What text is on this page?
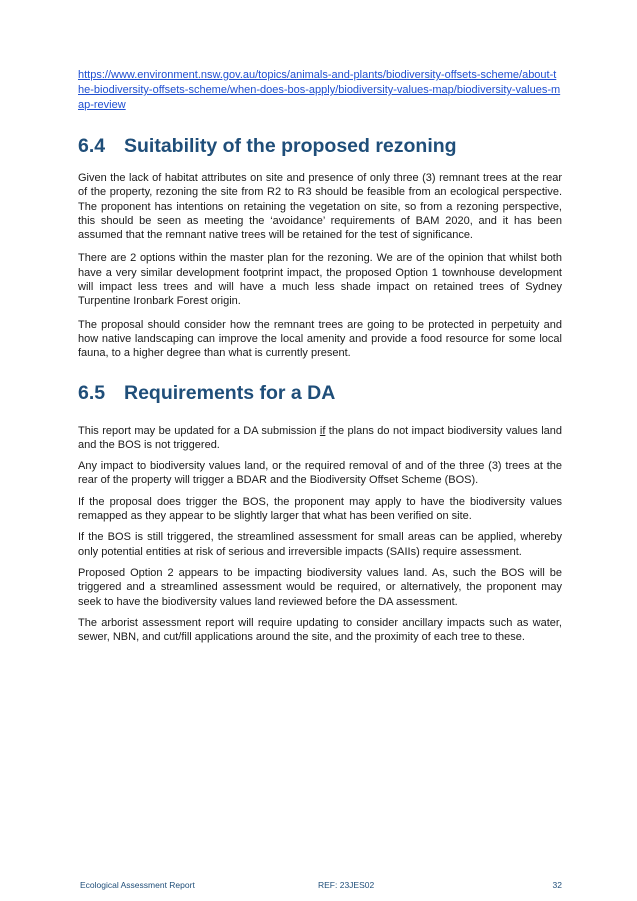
https://www.environment.nsw.gov.au/topics/animals-and-plants/biodiversity-offsets-scheme/about-the-biodiversity-offsets-scheme/when-does-bos-apply/biodiversity-values-map/biodiversity-values-map-review
6.4 Suitability of the proposed rezoning

Given the lack of habitat attributes on site and presence of only three (3) remnant trees at the rear of the property, rezoning the site from R2 to R3 should be feasible from an ecological perspective. The proponent has intentions on retaining the vegetation on site, so from a rezoning perspective, this should be seen as meeting the ‘avoidance’ requirements of BAM 2020, and it has been assumed that the remnant native trees will be retained for the test of significance.

There are 2 options within the master plan for the rezoning. We are of the opinion that whilst both have a very similar development footprint impact, the proposed Option 1 townhouse development will impact less trees and will have a much less shade impact on retained trees of Sydney Turpentine Ironbark Forest origin.

The proposal should consider how the remnant trees are going to be protected in perpetuity and how native landscaping can improve the local amenity and provide a food resource for some local fauna, to a higher degree than what is currently present.

6.5 Requirements for a DA

This report may be updated for a DA submission if the plans do not impact biodiversity values land and the BOS is not triggered.

Any impact to biodiversity values land, or the required removal of and of the three (3) trees at the rear of the property will trigger a BDAR and the Biodiversity Offset Scheme (BOS).

If the proposal does trigger the BOS, the proponent may apply to have the biodiversity values remapped as they appear to be slightly larger that what has been verified on site.

If the BOS is still triggered, the streamlined assessment for small areas can be applied, whereby only potential entities at risk of serious and irreversible impacts (SAIIs) require assessment.

Proposed Option 2 appears to be impacting biodiversity values land. As, such the BOS will be triggered and a streamlined assessment would be required, or alternatively, the proponent may seek to have the biodiversity values land reviewed before the DA assessment.

The arborist assessment report will require updating to consider ancillary impacts such as water, sewer, NBN, and cut/fill applications around the site, and the proximity of each tree to these.

Ecological Assessment Report	REF: 23JES02	32
